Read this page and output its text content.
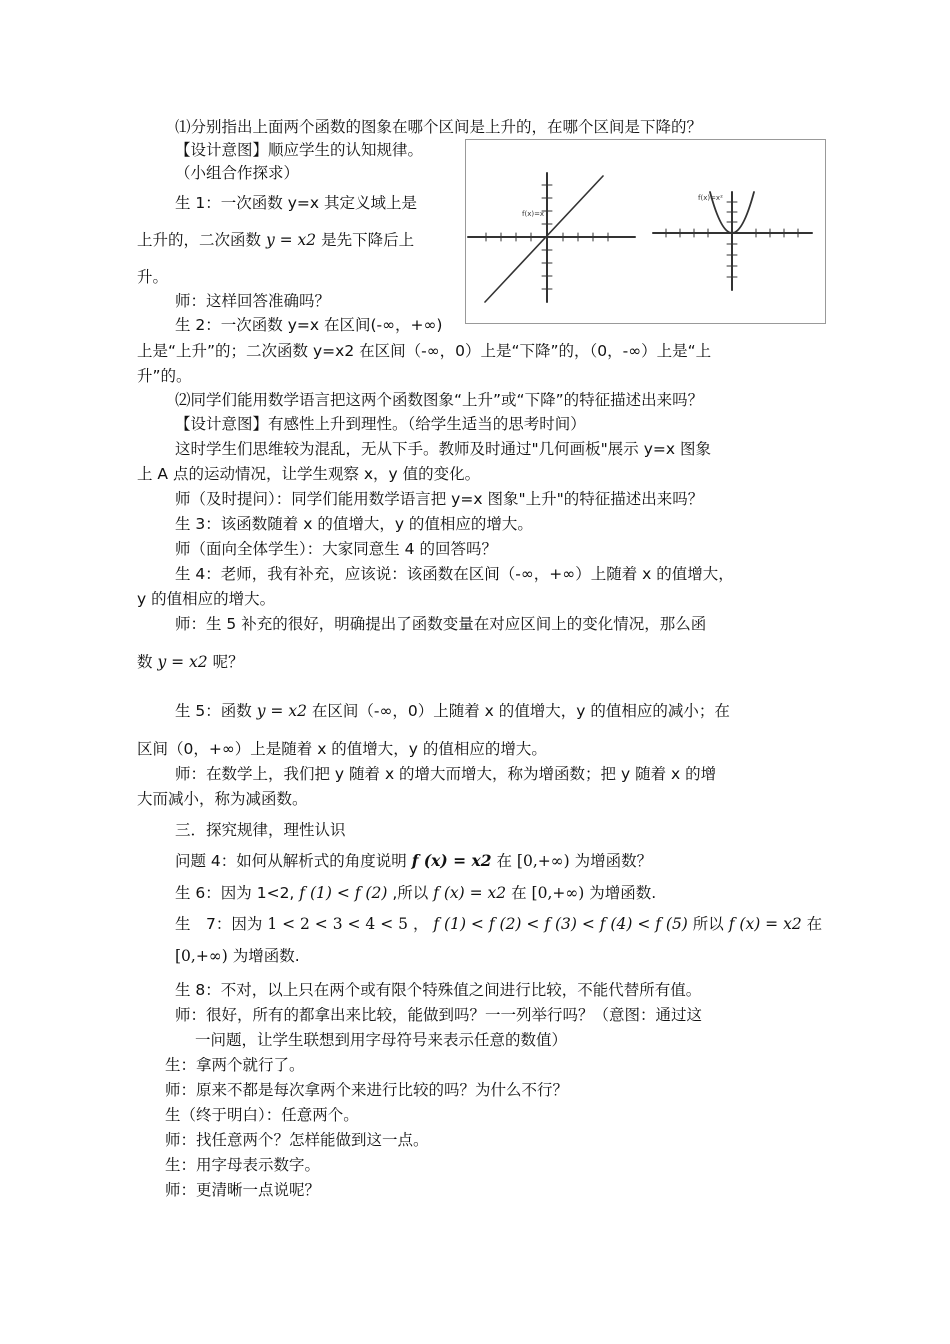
⑴分别指出上面两个函数的图象在哪个区间是上升的，在哪个区间是下降的？
【设计意图】顺应学生的认知规律。
（小组合作探求）
生 1：一次函数 y=x 其定义域上是
上升的，二次函数 y = x2 是先下降后上
升。
师：这样回答准确吗？
生 2：一次函数 y=x 在区间(-∞，+∞)
上是“上升”的；二次函数 y=x2 在区间（-∞，0）上是“下降”的，（0，-∞）上是“上
升”的。
⑵同学们能用数学语言把这两个函数图象“上升”或“下降”的特征描述出来吗？
【设计意图】有感性上升到理性。（给学生适当的思考时间）
这时学生们思维较为混乱，无从下手。教师及时通过"几何画板"展示 y=x 图象
上 A 点的运动情况，让学生观察 x，y 值的变化。
师（及时提问）：同学们能用数学语言把 y=x 图象"上升"的特征描述出来吗？
生 3：该函数随着 x 的值增大，y 的值相应的增大。
师（面向全体学生）：大家同意生 4 的回答吗？
生 4：老师，我有补充，应该说：该函数在区间（-∞，+∞）上随着 x 的值增大，
y 的值相应的增大。
师：生 5 补充的很好，明确提出了函数变量在对应区间上的变化情况，那么函
数 y = x2 呢？
生 5：函数 y = x2 在区间（-∞，0）上随着 x 的值增大，y 的值相应的减小；在
区间（0，+∞）上是随着 x 的值增大，y 的值相应的增大。
师：在数学上，我们把 y 随着 x 的增大而增大，称为增函数；把 y 随着 x 的增
大而减小，称为减函数。
三．探究规律，理性认识
问题 4：如何从解析式的角度说明 f (x) = x2 在 [0,+∞) 为增函数？
生 6：因为 1<2, f (1) < f (2) ,所以 f (x) = x2 在 [0,+∞) 为增函数.
生　7：因为 1 < 2 < 3 < 4 < 5 ， f (1) < f (2) < f (3) < f (4) < f (5) 所以 f (x) = x2 在
[0,+∞) 为增函数.
生 8：不对，以上只在两个或有限个特殊值之间进行比较，不能代替所有值。
师：很好，所有的都拿出来比较，能做到吗？一一列举行吗？（意图：通过这
一问题，让学生联想到用字母符号来表示任意的数值）
生：拿两个就行了。
师：原来不都是每次拿两个来进行比较的吗？为什么不行？
生（终于明白）：任意两个。
师：找任意两个？怎样能做到这一点。
生：用字母表示数字。
师：更清晰一点说呢？
f(x)=x
f(x)=x²
